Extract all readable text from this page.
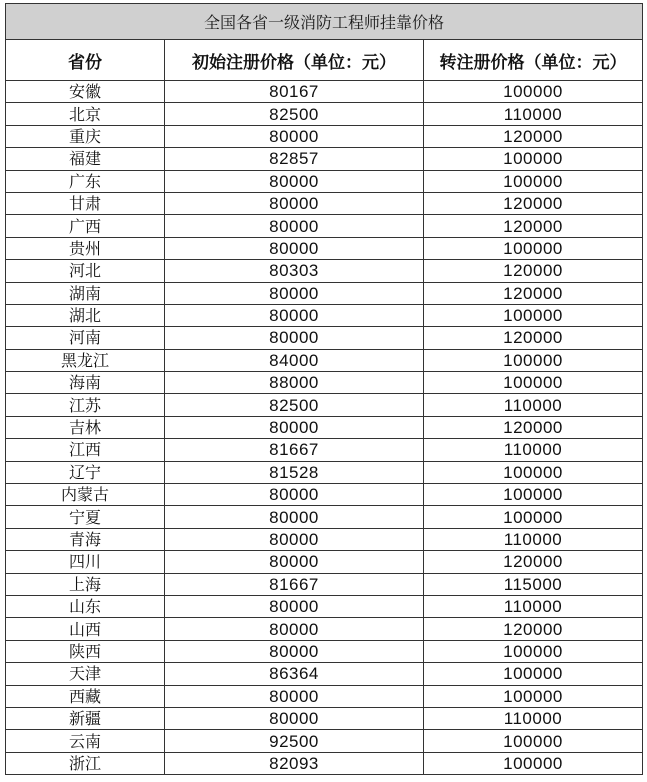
全国各省一级消防工程师挂靠价格		
省份	初始注册价格（单位：元）	转注册价格（单位：元）
安徽	80167	100000
北京	82500	110000
重庆	80000	120000
福建	82857	100000
广东	80000	100000
甘肃	80000	120000
广西	80000	120000
贵州	80000	100000
河北	80303	120000
湖南	80000	120000
湖北	80000	100000
河南	80000	120000
黑龙江	84000	100000
海南	88000	100000
江苏	82500	110000
吉林	80000	120000
江西	81667	110000
辽宁	81528	100000
内蒙古	80000	100000
宁夏	80000	100000
青海	80000	110000
四川	80000	120000
上海	81667	115000
山东	80000	110000
山西	80000	120000
陕西	80000	100000
天津	86364	100000
西藏	80000	100000
新疆	80000	110000
云南	92500	100000
浙江	82093	100000
